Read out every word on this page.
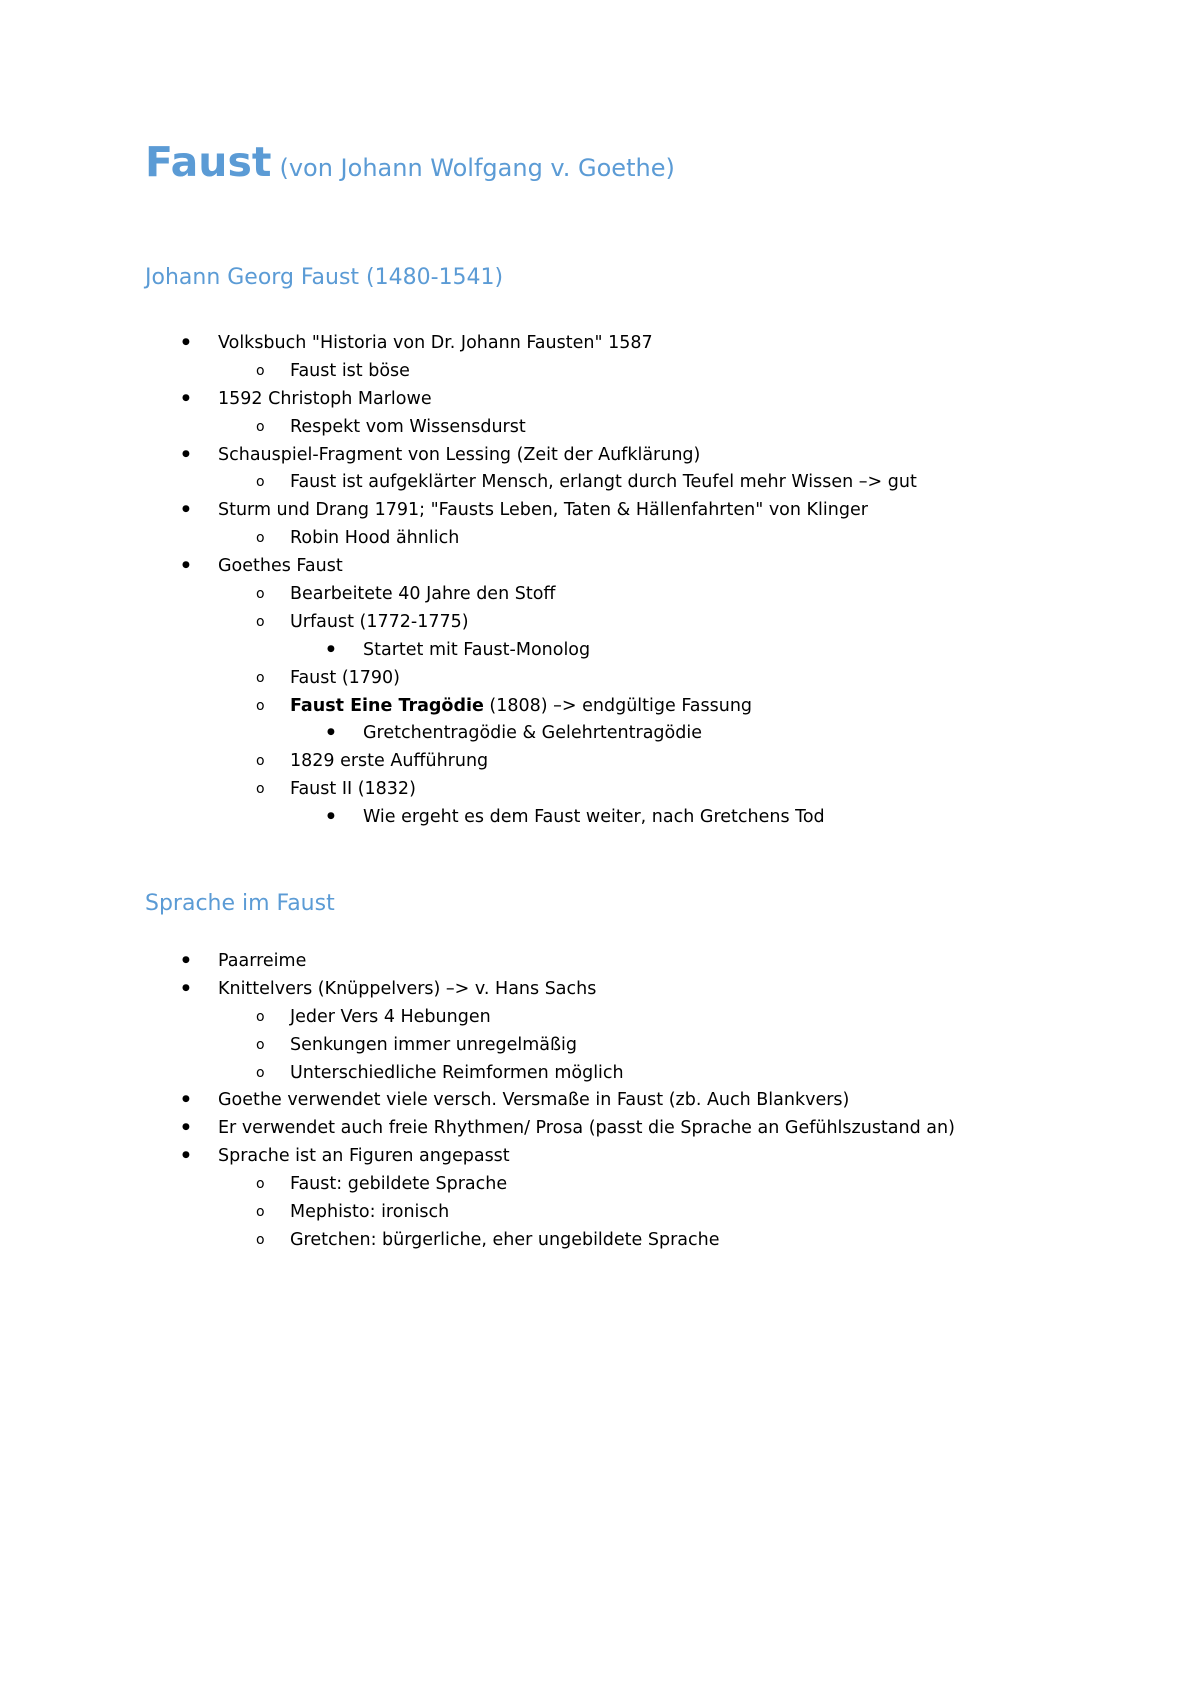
Faust (von Johann Wolfgang v. Goethe)
Johann Georg Faust (1480-1541)
● Volksbuch "Historia von Dr. Johann Fausten" 1587
o Faust ist böse
● 1592 Christoph Marlowe
o Respekt vom Wissensdurst
● Schauspiel-Fragment von Lessing (Zeit der Aufklärung)
o Faust ist aufgeklärter Mensch, erlangt durch Teufel mehr Wissen –> gut
● Sturm und Drang 1791; "Fausts Leben, Taten & Hällenfahrten" von Klinger
o Robin Hood ähnlich
● Goethes Faust
o Bearbeitete 40 Jahre den Stoff
o Urfaust (1772-1775)
● Startet mit Faust-Monolog
o Faust (1790)
o Faust Eine Tragödie (1808) –> endgültige Fassung
● Gretchentragödie & Gelehrtentragödie
o 1829 erste Aufführung
o Faust II (1832)
● Wie ergeht es dem Faust weiter, nach Gretchens Tod
Sprache im Faust
● Paarreime
● Knittelvers (Knüppelvers) –> v. Hans Sachs
o Jeder Vers 4 Hebungen
o Senkungen immer unregelmäßig
o Unterschiedliche Reimformen möglich
● Goethe verwendet viele versch. Versmaße in Faust (zb. Auch Blankvers)
● Er verwendet auch freie Rhythmen/ Prosa (passt die Sprache an Gefühlszustand an)
● Sprache ist an Figuren angepasst
o Faust: gebildete Sprache
o Mephisto: ironisch
o Gretchen: bürgerliche, eher ungebildete Sprache
